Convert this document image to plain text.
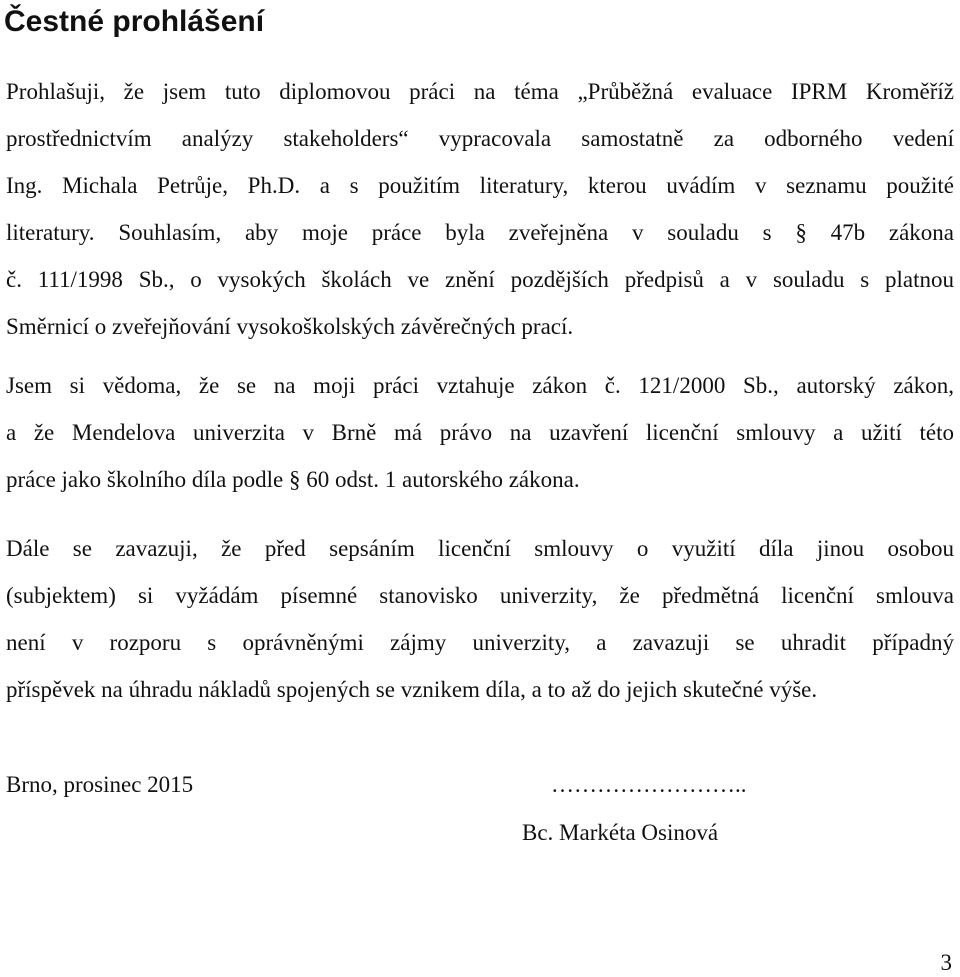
Čestné prohlášení
Prohlašuji, že jsem tuto diplomovou práci na téma „Průběžná evaluace IPRM Kroměříž
prostřednictvím analýzy stakeholders“ vypracovala samostatně za odborného vedení
Ing. Michala Petrůje, Ph.D. a s použitím literatury, kterou uvádím v seznamu použité
literatury. Souhlasím, aby moje práce byla zveřejněna v souladu s § 47b zákona
č. 111/1998 Sb., o vysokých školách ve znění pozdějších předpisů a v souladu s platnou
Směrnicí o zveřejňování vysokoškolských závěrečných prací.
Jsem si vědoma, že se na moji práci vztahuje zákon č. 121/2000 Sb., autorský zákon,
a že Mendelova univerzita v Brně má právo na uzavření licenční smlouvy a užití této
práce jako školního díla podle § 60 odst. 1 autorského zákona.
Dále se zavazuji, že před sepsáním licenční smlouvy o využití díla jinou osobou
(subjektem) si vyžádám písemné stanovisko univerzity, že předmětná licenční smlouva
není v rozporu s oprávněnými zájmy univerzity, a zavazuji se uhradit případný
příspěvek na úhradu nákladů spojených se vznikem díla, a to až do jejich skutečné výše.
Brno, prosinec 2015	……………………..
Bc. Markéta Osinová
3
